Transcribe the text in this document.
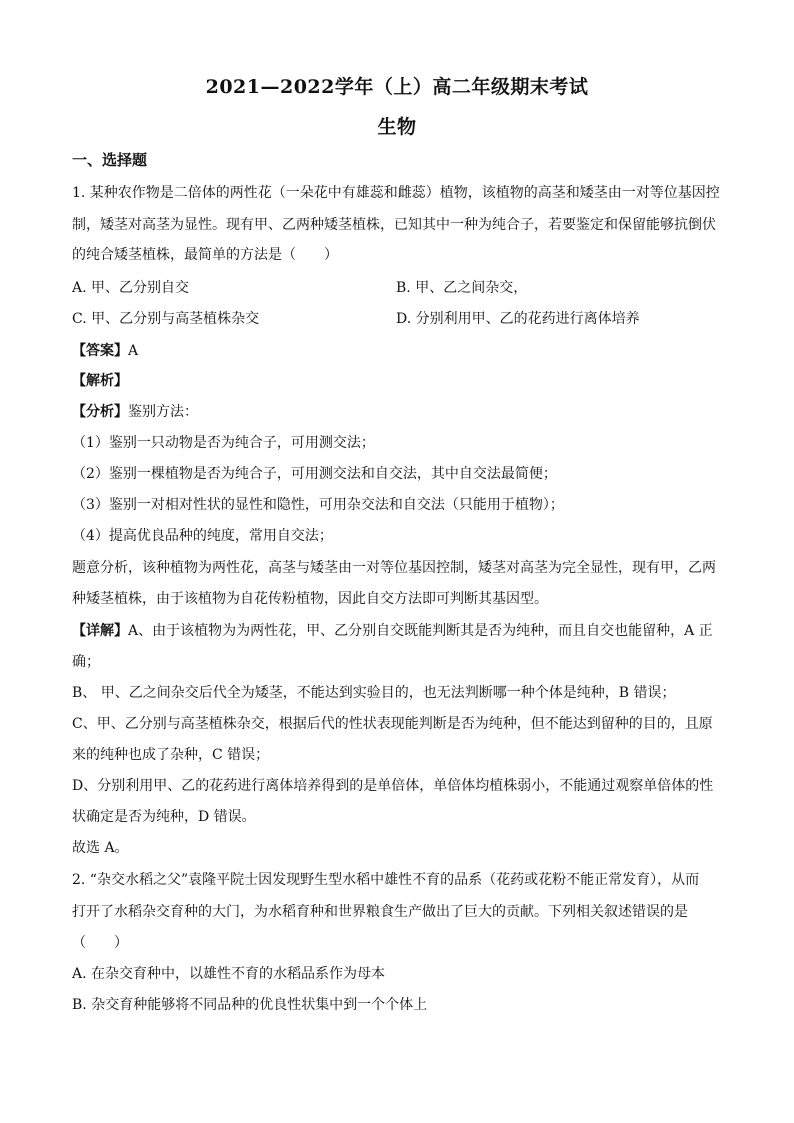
2021—2022学年（上）高二年级期末考试
生物
一、选择题
1. 某种农作物是二倍体的两性花（一朵花中有雄蕊和雌蕊）植物，该植物的高茎和矮茎由一对等位基因控
制，矮茎对高茎为显性。现有甲、乙两种矮茎植株，已知其中一种为纯合子，若要鉴定和保留能够抗倒伏
的纯合矮茎植株，最简单的方法是（　　）
A. 甲、乙分别自交	B. 甲、乙之间杂交，
C. 甲、乙分别与高茎植株杂交	D. 分别利用甲、乙的花药进行离体培养
【答案】A
【解析】
【分析】鉴别方法：
（1）鉴别一只动物是否为纯合子，可用测交法；
（2）鉴别一棵植物是否为纯合子，可用测交法和自交法，其中自交法最简便；
（3）鉴别一对相对性状的显性和隐性，可用杂交法和自交法（只能用于植物）；
（4）提高优良品种的纯度，常用自交法；
题意分析，该种植物为两性花，高茎与矮茎由一对等位基因控制，矮茎对高茎为完全显性，现有甲，乙两
种矮茎植株，由于该植物为自花传粉植物，因此自交方法即可判断其基因型。
【详解】A、由于该植物为为两性花，甲、乙分别自交既能判断其是否为纯种，而且自交也能留种，A 正
确；
B、 甲、乙之间杂交后代全为矮茎，不能达到实验目的，也无法判断哪一种个体是纯种，B 错误；
C、甲、乙分别与高茎植株杂交，根据后代的性状表现能判断是否为纯种，但不能达到留种的目的，且原
来的纯种也成了杂种，C 错误；
D、分别利用甲、乙的花药进行离体培养得到的是单倍体，单倍体均植株弱小，不能通过观察单倍体的性
状确定是否为纯种，D 错误。
故选 A。
2. “杂交水稻之父”袁隆平院士因发现野生型水稻中雄性不育的品系（花药或花粉不能正常发育），从而
打开了水稻杂交育种的大门，为水稻育种和世界粮食生产做出了巨大的贡献。下列相关叙述错误的是
（　　）
A. 在杂交育种中，以雄性不育的水稻品系作为母本
B. 杂交育种能够将不同品种的优良性状集中到一个个体上
